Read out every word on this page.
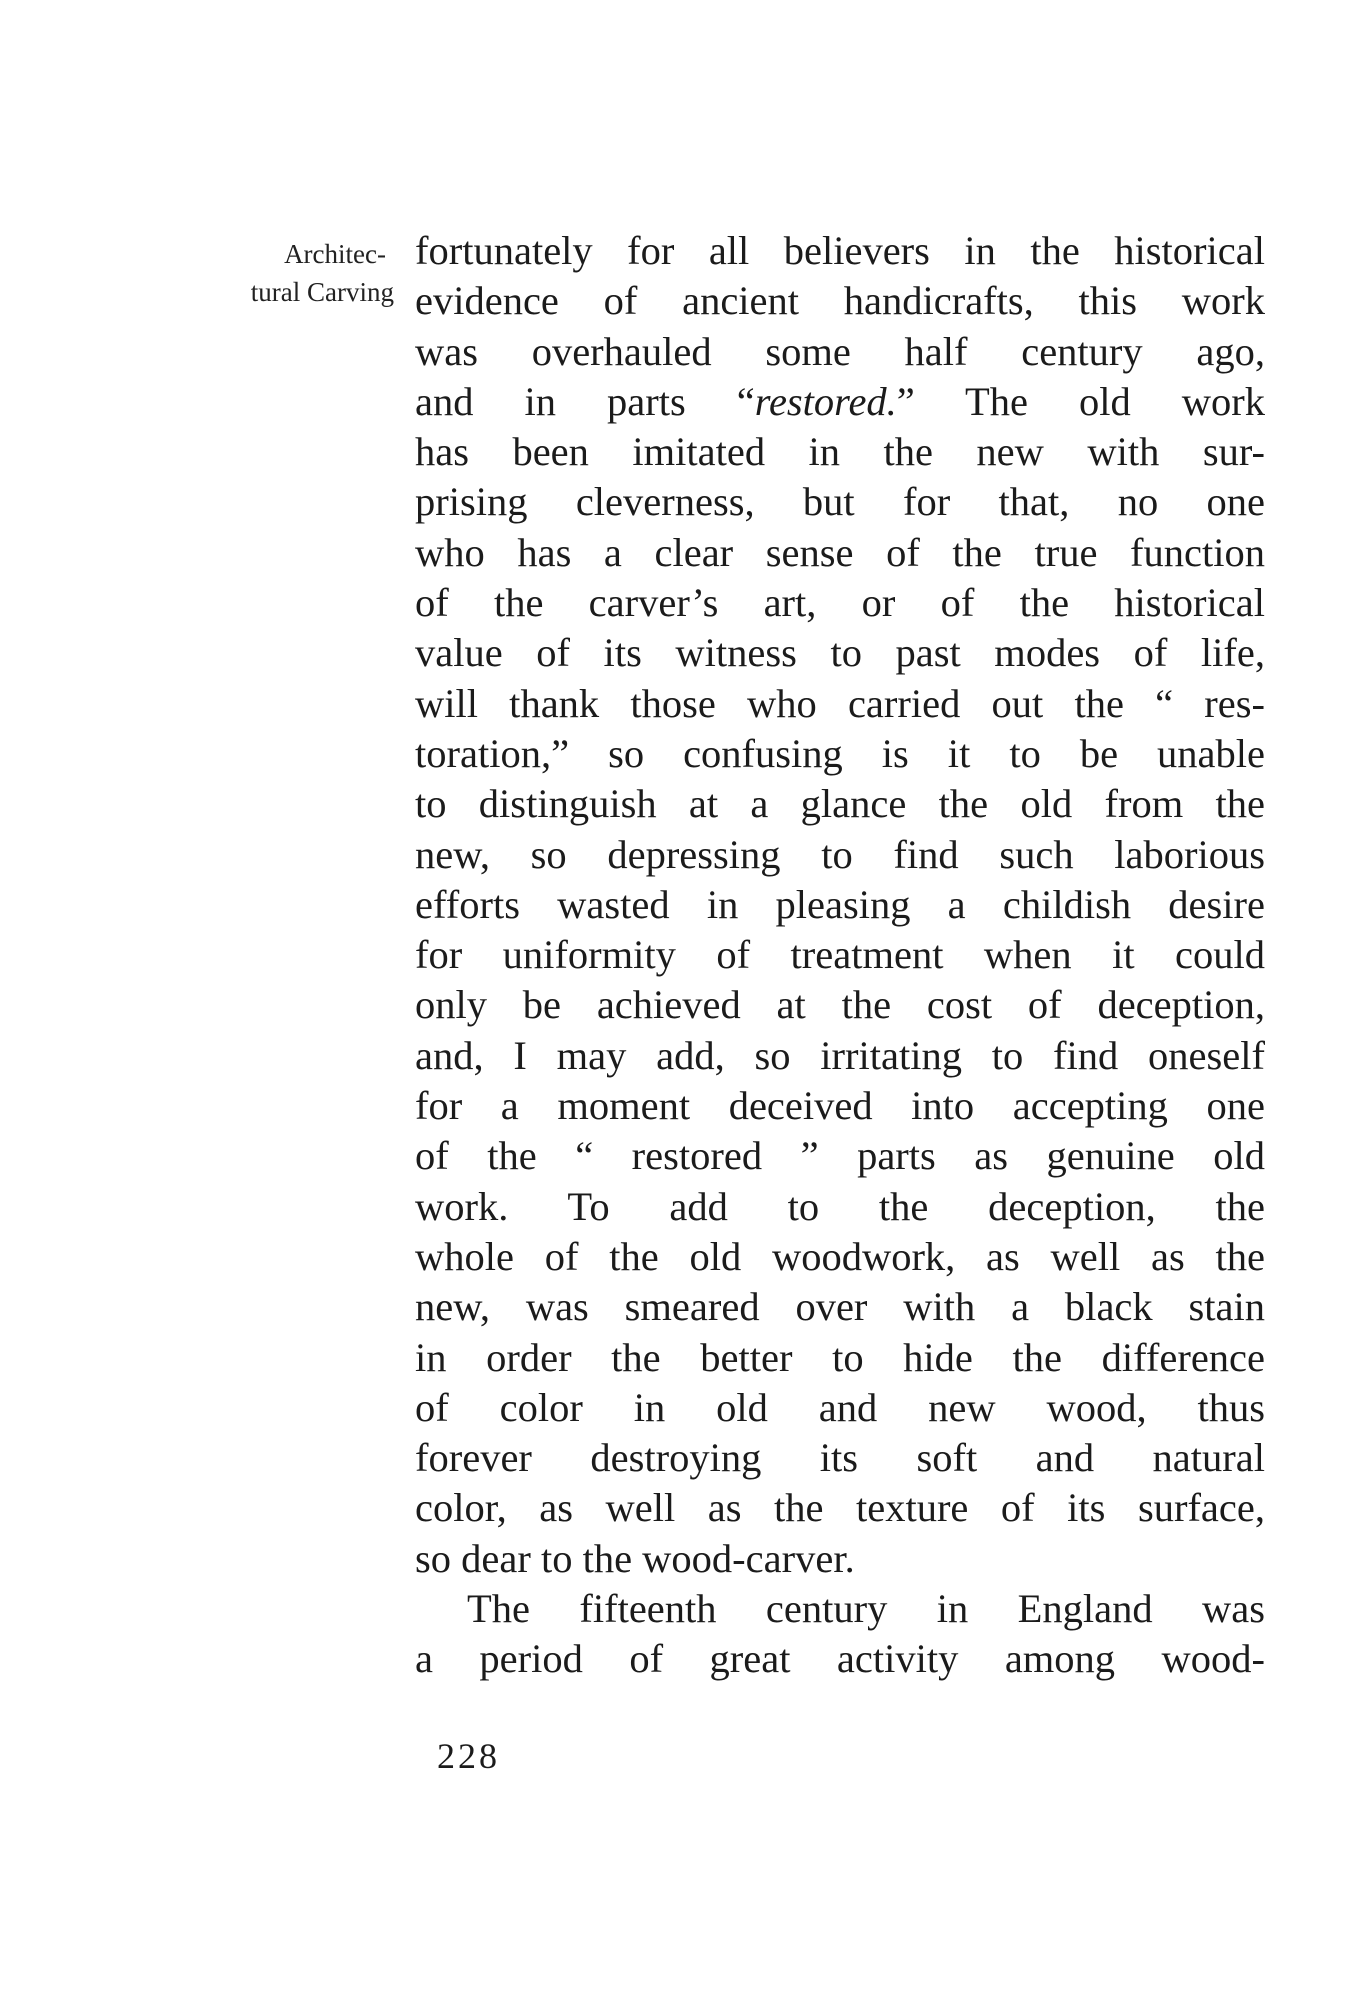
Architec-
tural Carving
fortunately for all believers in the historical
evidence of ancient handicrafts, this work
was overhauled some half century ago,
and in parts “restored.” The old work
has been imitated in the new with sur-
prising cleverness, but for that, no one
who has a clear sense of the true function
of the carver’s art, or of the historical
value of its witness to past modes of life,
will thank those who carried out the “ res-
toration,” so confusing is it to be unable
to distinguish at a glance the old from the
new, so depressing to find such laborious
efforts wasted in pleasing a childish desire
for uniformity of treatment when it could
only be achieved at the cost of deception,
and, I may add, so irritating to find oneself
for a moment deceived into accepting one
of the “ restored ” parts as genuine old
work. To add to the deception, the
whole of the old woodwork, as well as the
new, was smeared over with a black stain
in order the better to hide the difference
of color in old and new wood, thus
forever destroying its soft and natural
color, as well as the texture of its surface,
so dear to the wood-carver.
The fifteenth century in England was
a period of great activity among wood-
228
